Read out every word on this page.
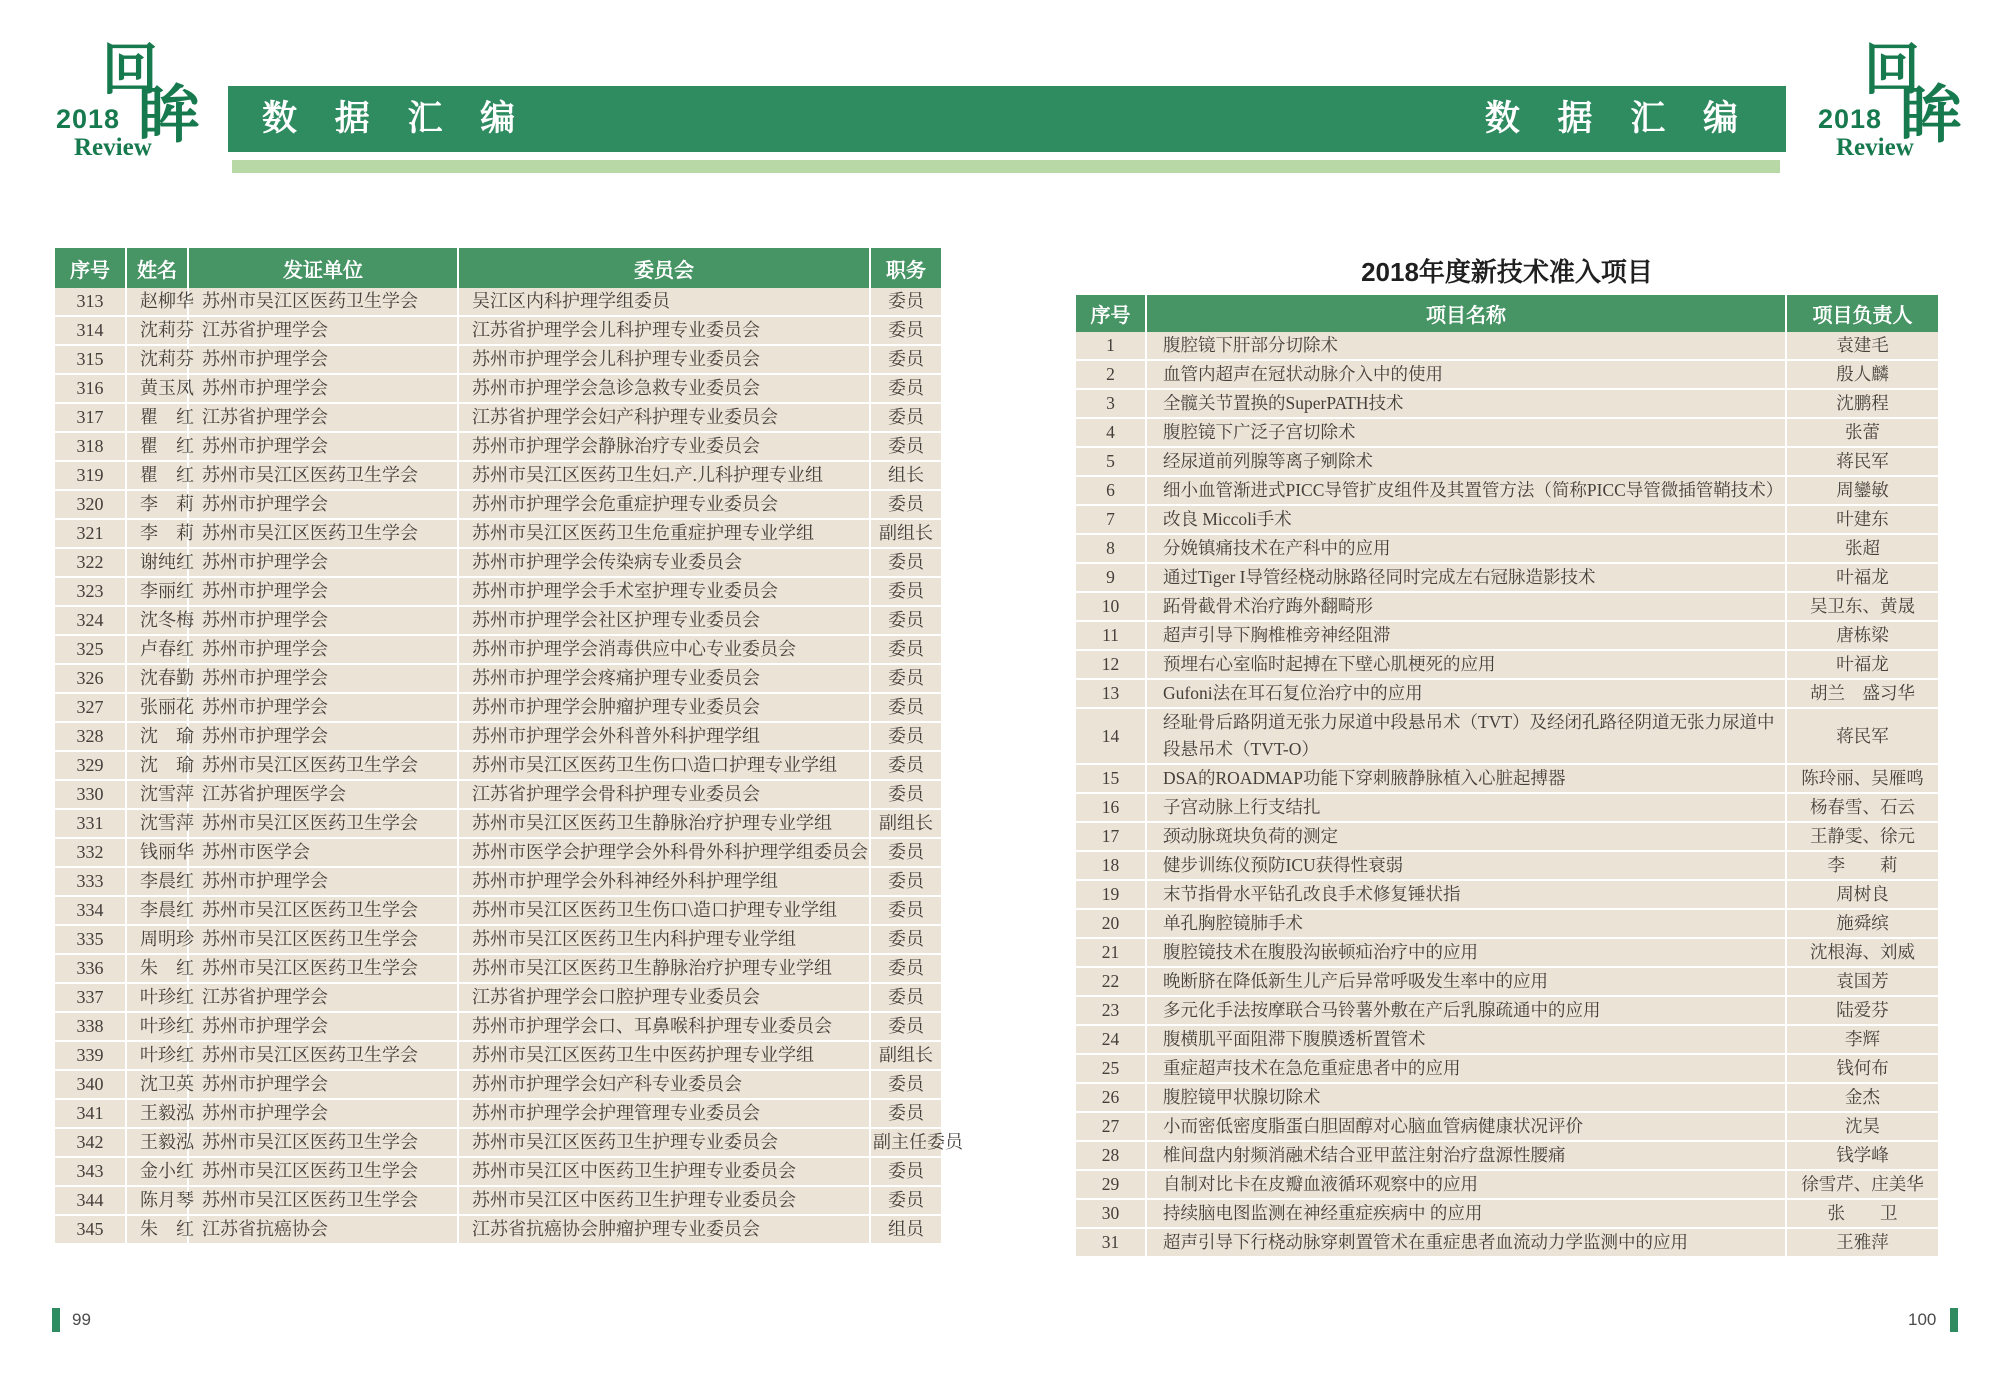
回
眸
2018
Review
数 据 汇 编	数 据 汇 编
回
眸
2018
Review
序号	姓名	发证单位	委员会	职务
313	赵柳华	苏州市吴江区医药卫生学会	吴江区内科护理学组委员	委员
314	沈莉芬	江苏省护理学会	江苏省护理学会儿科护理专业委员会	委员
315	沈莉芬	苏州市护理学会	苏州市护理学会儿科护理专业委员会	委员
316	黄玉凤	苏州市护理学会	苏州市护理学会急诊急救专业委员会	委员
317	瞿　红	江苏省护理学会	江苏省护理学会妇产科护理专业委员会	委员
318	瞿　红	苏州市护理学会	苏州市护理学会静脉治疗专业委员会	委员
319	瞿　红	苏州市吴江区医药卫生学会	苏州市吴江区医药卫生妇.产.儿科护理专业组	组长
320	李　莉	苏州市护理学会	苏州市护理学会危重症护理专业委员会	委员
321	李　莉	苏州市吴江区医药卫生学会	苏州市吴江区医药卫生危重症护理专业学组	副组长
322	谢纯红	苏州市护理学会	苏州市护理学会传染病专业委员会	委员
323	李丽红	苏州市护理学会	苏州市护理学会手术室护理专业委员会	委员
324	沈冬梅	苏州市护理学会	苏州市护理学会社区护理专业委员会	委员
325	卢春红	苏州市护理学会	苏州市护理学会消毒供应中心专业委员会	委员
326	沈春勤	苏州市护理学会	苏州市护理学会疼痛护理专业委员会	委员
327	张丽花	苏州市护理学会	苏州市护理学会肿瘤护理专业委员会	委员
328	沈　瑜	苏州市护理学会	苏州市护理学会外科普外科护理学组	委员
329	沈　瑜	苏州市吴江区医药卫生学会	苏州市吴江区医药卫生伤口\造口护理专业学组	委员
330	沈雪萍	江苏省护理医学会	江苏省护理学会骨科护理专业委员会	委员
331	沈雪萍	苏州市吴江区医药卫生学会	苏州市吴江区医药卫生静脉治疗护理专业学组	副组长
332	钱丽华	苏州市医学会	苏州市医学会护理学会外科骨外科护理学组委员会	委员
333	李晨红	苏州市护理学会	苏州市护理学会外科神经外科护理学组	委员
334	李晨红	苏州市吴江区医药卫生学会	苏州市吴江区医药卫生伤口\造口护理专业学组	委员
335	周明珍	苏州市吴江区医药卫生学会	苏州市吴江区医药卫生内科护理专业学组	委员
336	朱　红	苏州市吴江区医药卫生学会	苏州市吴江区医药卫生静脉治疗护理专业学组	委员
337	叶珍红	江苏省护理学会	江苏省护理学会口腔护理专业委员会	委员
338	叶珍红	苏州市护理学会	苏州市护理学会口、耳鼻喉科护理专业委员会	委员
339	叶珍红	苏州市吴江区医药卫生学会	苏州市吴江区医药卫生中医药护理专业学组	副组长
340	沈卫英	苏州市护理学会	苏州市护理学会妇产科专业委员会	委员
341	王毅泓	苏州市护理学会	苏州市护理学会护理管理专业委员会	委员
342	王毅泓	苏州市吴江区医药卫生学会	苏州市吴江区医药卫生护理专业委员会	副主任委员
343	金小红	苏州市吴江区医药卫生学会	苏州市吴江区中医药卫生护理专业委员会	委员
344	陈月琴	苏州市吴江区医药卫生学会	苏州市吴江区中医药卫生护理专业委员会	委员
345	朱　红	江苏省抗癌协会	江苏省抗癌协会肿瘤护理专业委员会	组员
2018年度新技术准入项目
序号	项目名称	项目负责人
1	腹腔镜下肝部分切除术	袁建毛
2	血管内超声在冠状动脉介入中的使用	殷人麟
3	全髋关节置换的SuperPATH技术	沈鹏程
4	腹腔镜下广泛子宫切除术	张蕾
5	经尿道前列腺等离子剜除术	蒋民军
6	细小血管渐进式PICC导管扩皮组件及其置管方法（简称PICC导管微插管鞘技术）	周鑾敏
7	改良 Miccoli手术	叶建东
8	分娩镇痛技术在产科中的应用	张超
9	通过Tiger I导管经桡动脉路径同时完成左右冠脉造影技术	叶福龙
10	跖骨截骨术治疗踇外翻畸形	吴卫东、黄晟
11	超声引导下胸椎椎旁神经阻滞	唐栋梁
12	预埋右心室临时起搏在下壁心肌梗死的应用	叶福龙
13	Gufoni法在耳石复位治疗中的应用	胡兰　盛习华
14	经耻骨后路阴道无张力尿道中段悬吊术（TVT）及经闭孔路径阴道无张力尿道中段悬吊术（TVT-O）	蒋民军
15	DSA的ROADMAP功能下穿刺腋静脉植入心脏起搏器	陈玲丽、吴雁鸣
16	子宫动脉上行支结扎	杨春雪、石云
17	颈动脉斑块负荷的测定	王静雯、徐元
18	健步训练仪预防ICU获得性衰弱	李　　莉
19	末节指骨水平钻孔改良手术修复锤状指	周树良
20	单孔胸腔镜肺手术	施舜缤
21	腹腔镜技术在腹股沟嵌顿疝治疗中的应用	沈根海、刘威
22	晚断脐在降低新生儿产后异常呼吸发生率中的应用	袁国芳
23	多元化手法按摩联合马铃薯外敷在产后乳腺疏通中的应用	陆爱芬
24	腹横肌平面阻滞下腹膜透析置管术	李辉
25	重症超声技术在急危重症患者中的应用	钱何布
26	腹腔镜甲状腺切除术	金杰
27	小而密低密度脂蛋白胆固醇对心脑血管病健康状况评价	沈昊
28	椎间盘内射频消融术结合亚甲蓝注射治疗盘源性腰痛	钱学峰
29	自制对比卡在皮瓣血液循环观察中的应用	徐雪芹、庄美华
30	持续脑电图监测在神经重症疾病中 的应用	张　　卫
31	超声引导下行桡动脉穿刺置管术在重症患者血流动力学监测中的应用	王雅萍
99	100
